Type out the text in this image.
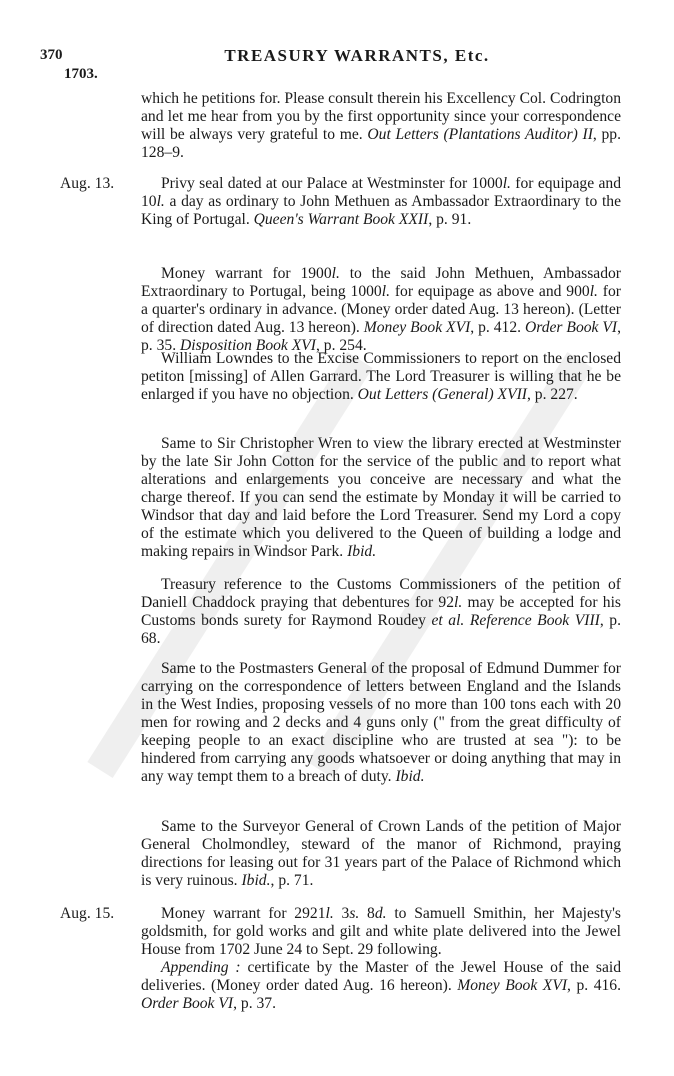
370
1703.
TREASURY WARRANTS, Etc.

which he petitions for. Please consult therein his Excellency Col. Codrington and let me hear from you by the first opportunity since your correspondence will be always very grateful to me. Out Letters (Plantations Auditor) II, pp. 128–9.

Aug. 13.	Privy seal dated at our Palace at Westminster for 1000l. for equipage and 10l. a day as ordinary to John Methuen as Ambassador Extraordinary to the King of Portugal. Queen's Warrant Book XXII, p. 91.

Money warrant for 1900l. to the said John Methuen, Ambassador Extraordinary to Portugal, being 1000l. for equipage as above and 900l. for a quarter's ordinary in advance. (Money order dated Aug. 13 hereon). (Letter of direction dated Aug. 13 hereon). Money Book XVI, p. 412. Order Book VI, p. 35. Disposition Book XVI, p. 254.

William Lowndes to the Excise Commissioners to report on the enclosed petiton [missing] of Allen Garrard. The Lord Treasurer is willing that he be enlarged if you have no objection. Out Letters (General) XVII, p. 227.

Same to Sir Christopher Wren to view the library erected at Westminster by the late Sir John Cotton for the service of the public and to report what alterations and enlargements you conceive are necessary and what the charge thereof. If you can send the estimate by Monday it will be carried to Windsor that day and laid before the Lord Treasurer. Send my Lord a copy of the estimate which you delivered to the Queen of building a lodge and making repairs in Windsor Park. Ibid.

Treasury reference to the Customs Commissioners of the petition of Daniell Chaddock praying that debentures for 92l. may be accepted for his Customs bonds surety for Raymond Roudey et al. Reference Book VIII, p. 68.

Same to the Postmasters General of the proposal of Edmund Dummer for carrying on the correspondence of letters between England and the Islands in the West Indies, proposing vessels of no more than 100 tons each with 20 men for rowing and 2 decks and 4 guns only (" from the great difficulty of keeping people to an exact discipline who are trusted at sea "): to be hindered from carrying any goods whatsoever or doing anything that may in any way tempt them to a breach of duty. Ibid.

Same to the Surveyor General of Crown Lands of the petition of Major General Cholmondley, steward of the manor of Richmond, praying directions for leasing out for 31 years part of the Palace of Richmond which is very ruinous. Ibid., p. 71.

Aug. 15.	Money warrant for 2921l. 3s. 8d. to Samuell Smithin, her Majesty's goldsmith, for gold works and gilt and white plate delivered into the Jewel House from 1702 June 24 to Sept. 29 following.

Appending : certificate by the Master of the Jewel House of the said deliveries. (Money order dated Aug. 16 hereon). Money Book XVI, p. 416. Order Book VI, p. 37.
